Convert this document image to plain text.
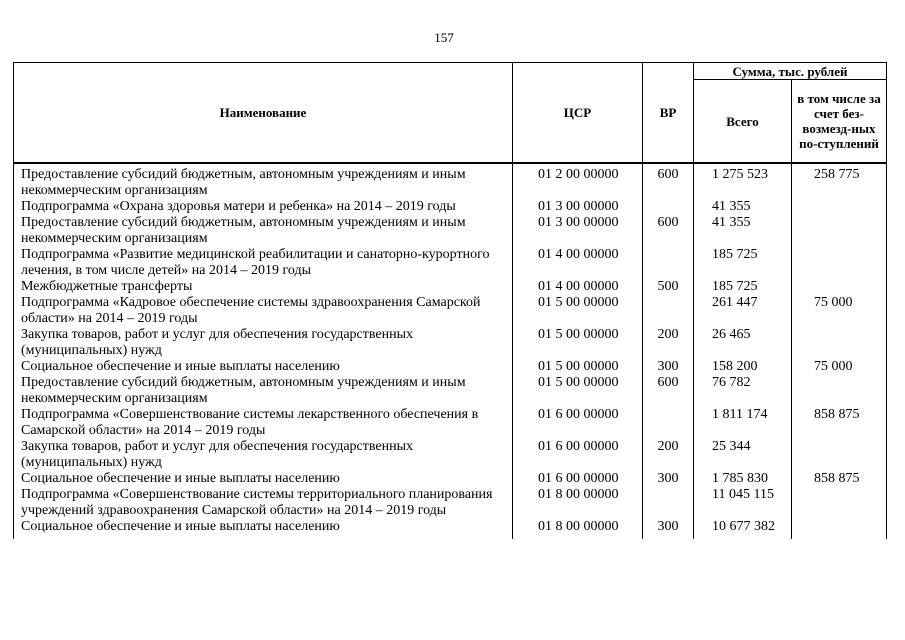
157
Наименование	ЦСР	ВР	Сумма, тыс. рублей	
			Всего	в том числе за счет без-возмезд-ных по-ступлений
Предоставление субсидий бюджетным, автономным учреждениям и иным некоммерческим организациям	01 2 00 00000	600	1 275 523	258 775
Подпрограмма «Охрана здоровья матери и ребенка» на 2014 – 2019 годы	01 3 00 00000		41 355	
Предоставление субсидий бюджетным, автономным учреждениям и иным некоммерческим организациям	01 3 00 00000	600	41 355	
Подпрограмма «Развитие медицинской реабилитации и санаторно-курортного лечения, в том числе детей» на 2014 – 2019 годы	01 4 00 00000		185 725	
Межбюджетные трансферты	01 4 00 00000	500	185 725	
Подпрограмма «Кадровое обеспечение системы здравоохранения Самарской области» на 2014 – 2019 годы	01 5 00 00000		261 447	75 000
Закупка товаров, работ и услуг для обеспечения государственных (муниципальных) нужд	01 5 00 00000	200	26 465	
Социальное обеспечение и иные выплаты населению	01 5 00 00000	300	158 200	75 000
Предоставление субсидий бюджетным, автономным учреждениям и иным некоммерческим организациям	01 5 00 00000	600	76 782	
Подпрограмма «Совершенствование системы лекарственного обеспечения в Самарской области» на 2014 – 2019 годы	01 6 00 00000		1 811 174	858 875
Закупка товаров, работ и услуг для обеспечения государственных (муниципальных) нужд	01 6 00 00000	200	25 344	
Социальное обеспечение и иные выплаты населению	01 6 00 00000	300	1 785 830	858 875
Подпрограмма «Совершенствование системы территориального планирования учреждений здравоохранения Самарской области» на 2014 – 2019 годы	01 8 00 00000		11 045 115	
Социальное обеспечение и иные выплаты населению	01 8 00 00000	300	10 677 382	
